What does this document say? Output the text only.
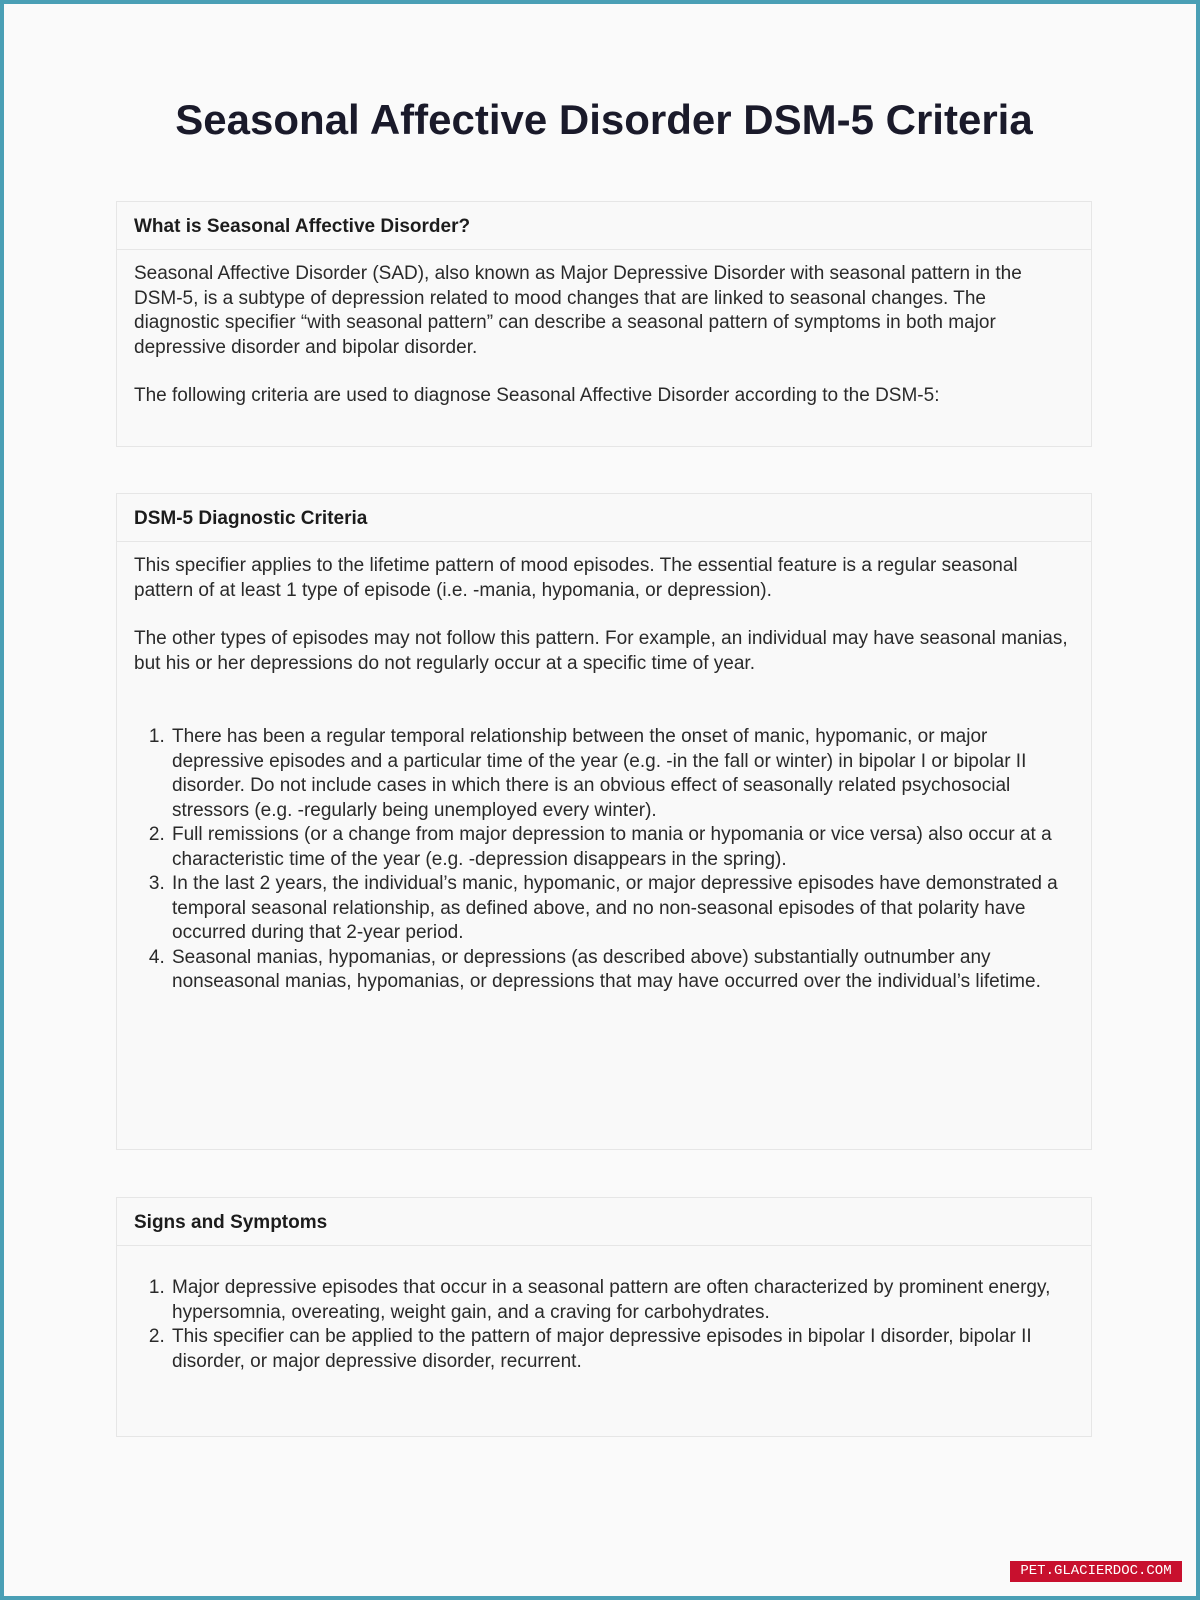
Seasonal Affective Disorder DSM-5 Criteria
What is Seasonal Affective Disorder?

Seasonal Affective Disorder (SAD), also known as Major Depressive Disorder with seasonal pattern in the DSM-5, is a subtype of depression related to mood changes that are linked to seasonal changes. The diagnostic specifier “with seasonal pattern” can describe a seasonal pattern of symptoms in both major depressive disorder and bipolar disorder.

The following criteria are used to diagnose Seasonal Affective Disorder according to the DSM-5:

DSM-5 Diagnostic Criteria

This specifier applies to the lifetime pattern of mood episodes. The essential feature is a regular seasonal pattern of at least 1 type of episode (i.e. -mania, hypomania, or depression).

The other types of episodes may not follow this pattern. For example, an individual may have seasonal manias, but his or her depressions do not regularly occur at a specific time of year.

1. There has been a regular temporal relationship between the onset of manic, hypomanic, or major depressive episodes and a particular time of the year (e.g. -in the fall or winter) in bipolar I or bipolar II disorder. Do not include cases in which there is an obvious effect of seasonally related psychosocial stressors (e.g. -regularly being unemployed every winter).
2. Full remissions (or a change from major depression to mania or hypomania or vice versa) also occur at a characteristic time of the year (e.g. -depression disappears in the spring).
3. In the last 2 years, the individual’s manic, hypomanic, or major depressive episodes have demonstrated a temporal seasonal relationship, as defined above, and no non-seasonal episodes of that polarity have occurred during that 2-year period.
4. Seasonal manias, hypomanias, or depressions (as described above) substantially outnumber any nonseasonal manias, hypomanias, or depressions that may have occurred over the individual’s lifetime.
Signs and Symptoms
1. Major depressive episodes that occur in a seasonal pattern are often characterized by prominent energy, hypersomnia, overeating, weight gain, and a craving for carbohydrates.
2. This specifier can be applied to the pattern of major depressive episodes in bipolar I disorder, bipolar II disorder, or major depressive disorder, recurrent.
PET.GLACIERDOC.COM
